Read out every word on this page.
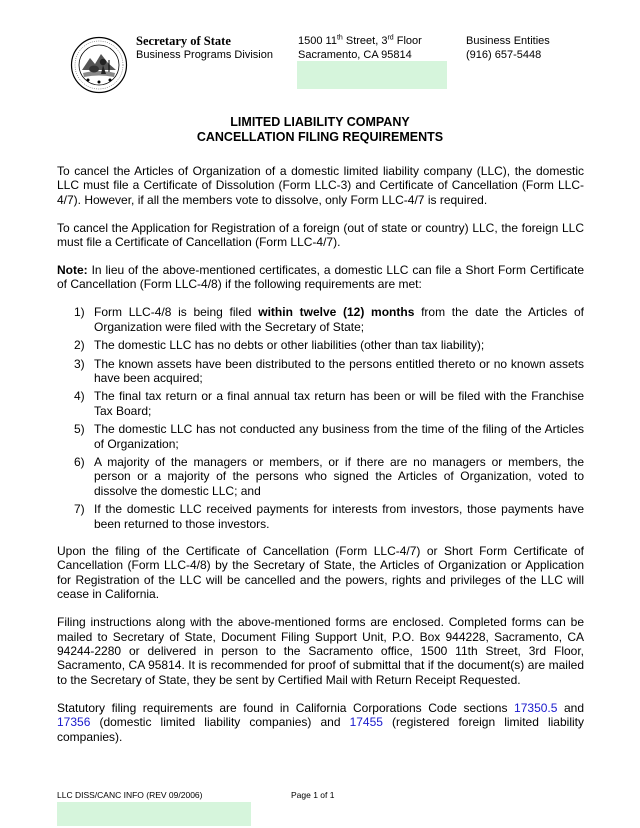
Secretary of State
Business Programs Division
1500 11th Street, 3rd Floor
Sacramento, CA 95814
Business Entities
(916) 657-5448
LIMITED LIABILITY COMPANY
CANCELLATION FILING REQUIREMENTS

To cancel the Articles of Organization of a domestic limited liability company (LLC), the domestic LLC must file a Certificate of Dissolution (Form LLC-3) and Certificate of Cancellation (Form LLC-4/7). However, if all the members vote to dissolve, only Form LLC-4/7 is required.

To cancel the Application for Registration of a foreign (out of state or country) LLC, the foreign LLC must file a Certificate of Cancellation (Form LLC-4/7).

Note: In lieu of the above-mentioned certificates, a domestic LLC can file a Short Form Certificate of Cancellation (Form LLC-4/8) if the following requirements are met:

1) Form LLC-4/8 is being filed within twelve (12) months from the date the Articles of Organization were filed with the Secretary of State;
2) The domestic LLC has no debts or other liabilities (other than tax liability);
3) The known assets have been distributed to the persons entitled thereto or no known assets have been acquired;
4) The final tax return or a final annual tax return has been or will be filed with the Franchise Tax Board;
5) The domestic LLC has not conducted any business from the time of the filing of the Articles of Organization;
6) A majority of the managers or members, or if there are no managers or members, the person or a majority of the persons who signed the Articles of Organization, voted to dissolve the domestic LLC; and
7) If the domestic LLC received payments for interests from investors, those payments have been returned to those investors.

Upon the filing of the Certificate of Cancellation (Form LLC-4/7) or Short Form Certificate of Cancellation (Form LLC-4/8) by the Secretary of State, the Articles of Organization or Application for Registration of the LLC will be cancelled and the powers, rights and privileges of the LLC will cease in California.

Filing instructions along with the above-mentioned forms are enclosed. Completed forms can be mailed to Secretary of State, Document Filing Support Unit, P.O. Box 944228, Sacramento, CA 94244-2280 or delivered in person to the Sacramento office, 1500 11th Street, 3rd Floor, Sacramento, CA 95814. It is recommended for proof of submittal that if the document(s) are mailed to the Secretary of State, they be sent by Certified Mail with Return Receipt Requested.

Statutory filing requirements are found in California Corporations Code sections 17350.5 and 17356 (domestic limited liability companies) and 17455 (registered foreign limited liability companies).

LLC DISS/CANC INFO (REV 09/2006)	Page 1 of 1
